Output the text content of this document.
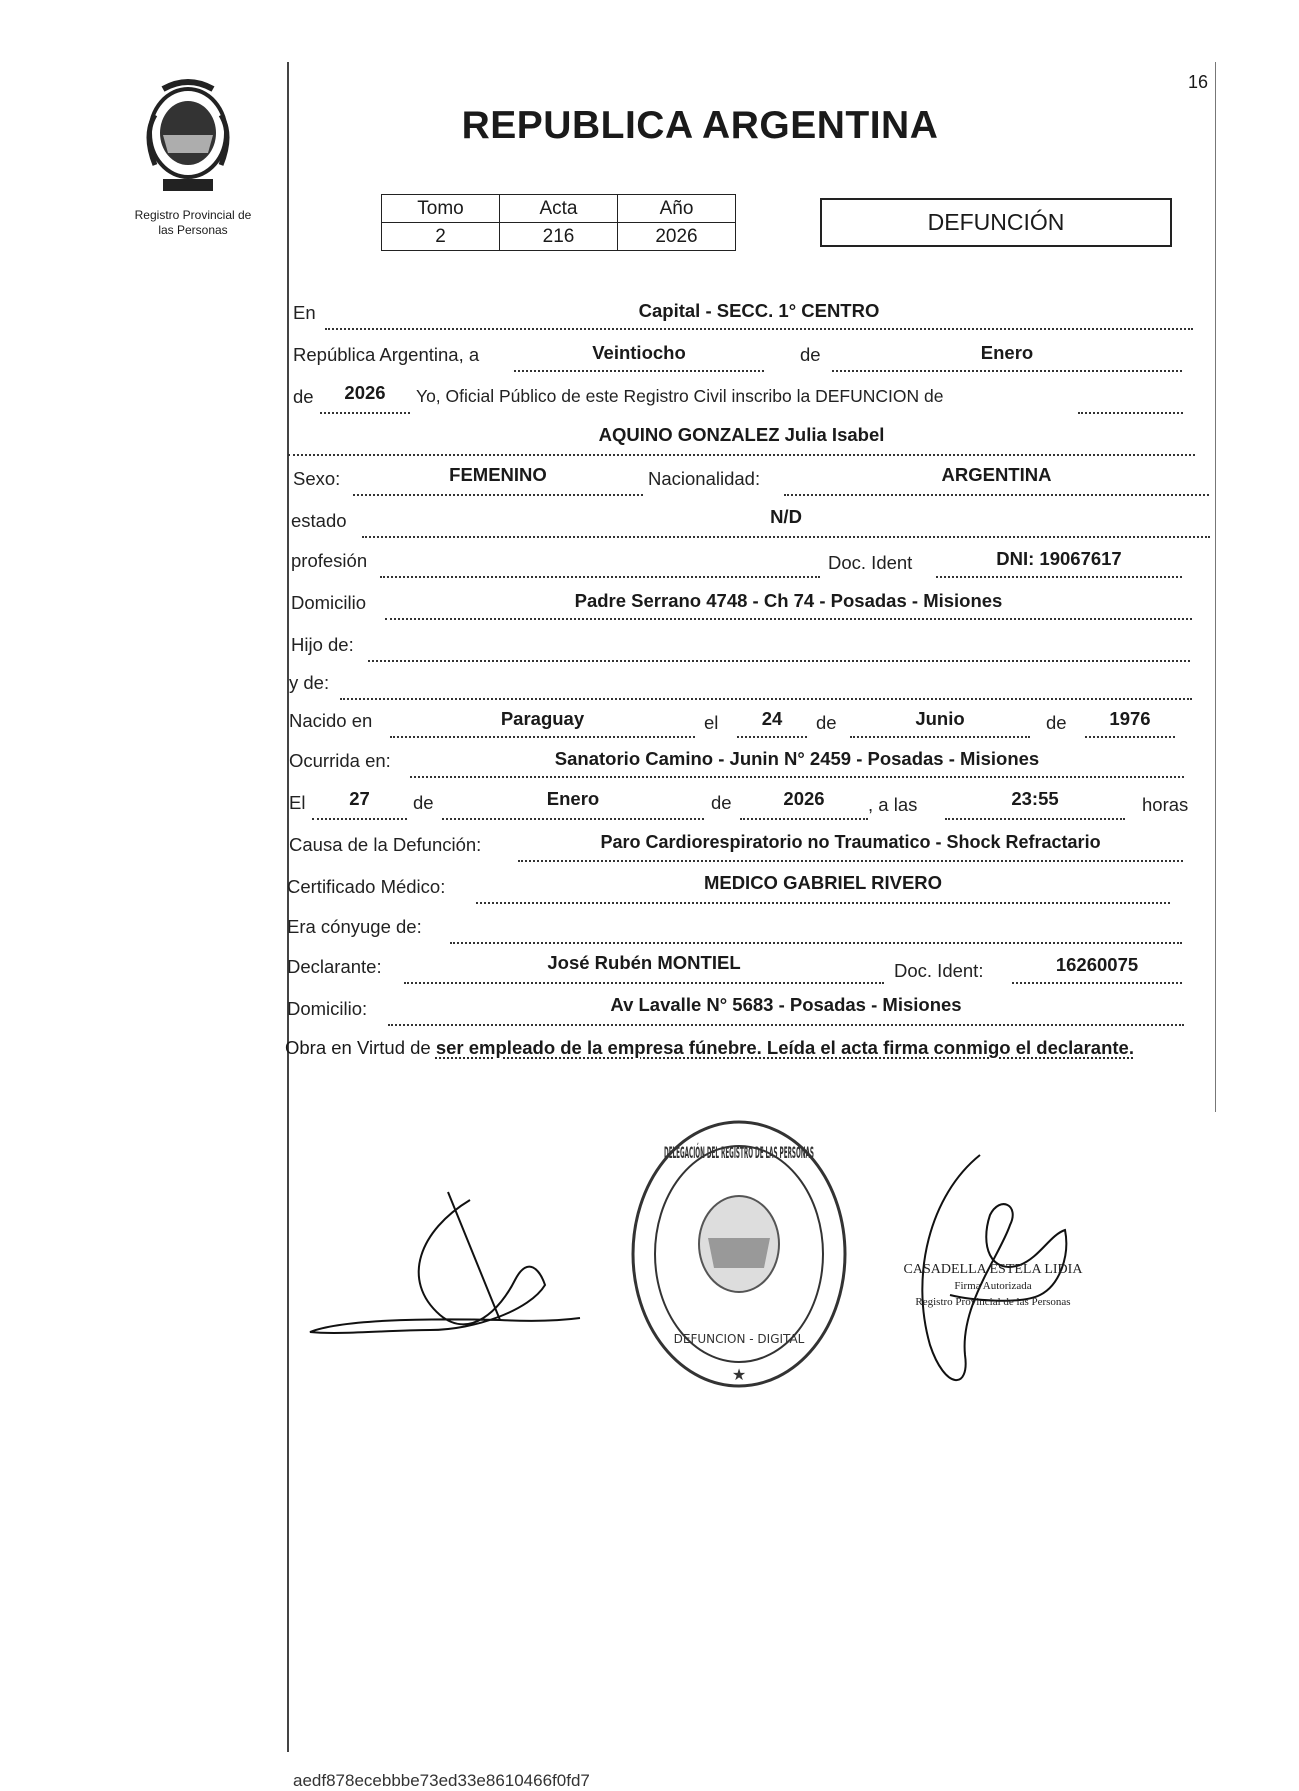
16
Registro Provincial de
las Personas
REPUBLICA ARGENTINA
Tomo	Acta	Año
2	216	2026
DEFUNCIÓN
En	Capital - SECC. 1° CENTRO
República Argentina, a	Veintiocho	de	Enero
de	2026	Yo, Oficial Público de este Registro Civil inscribo la DEFUNCION de
AQUINO GONZALEZ Julia Isabel
Sexo:	FEMENINO	Nacionalidad:	ARGENTINA
estado	N/D
profesión	Doc. Ident	DNI: 19067617
Domicilio	Padre Serrano 4748 - Ch 74 - Posadas - Misiones
Hijo de:
y de:
Nacido en	Paraguay	el	24	de	Junio	de	1976
Ocurrida en:	Sanatorio Camino - Junin N° 2459 - Posadas - Misiones
El	27	de	Enero	de	2026	, a las	23:55	horas
Causa de la Defunción:	Paro Cardiorespiratorio no Traumatico - Shock Refractario
Certificado Médico:	MEDICO GABRIEL RIVERO
Era cónyuge de:
Declarante:	José Rubén MONTIEL	Doc. Ident:	16260075
Domicilio:	Av Lavalle N° 5683 - Posadas - Misiones
Obra en Virtud de ser empleado de la empresa fúnebre. Leída el acta firma conmigo el declarante.
DELEGACIÓN DEL REGISTRO DE LAS PERSONAS
DEFUNCION - DIGITAL
★
CASADELLA ESTELA LIDIA
Firma Autorizada
Registro Provincial de las Personas
aedf878ecebbbe73ed33e8610466f0fd7
